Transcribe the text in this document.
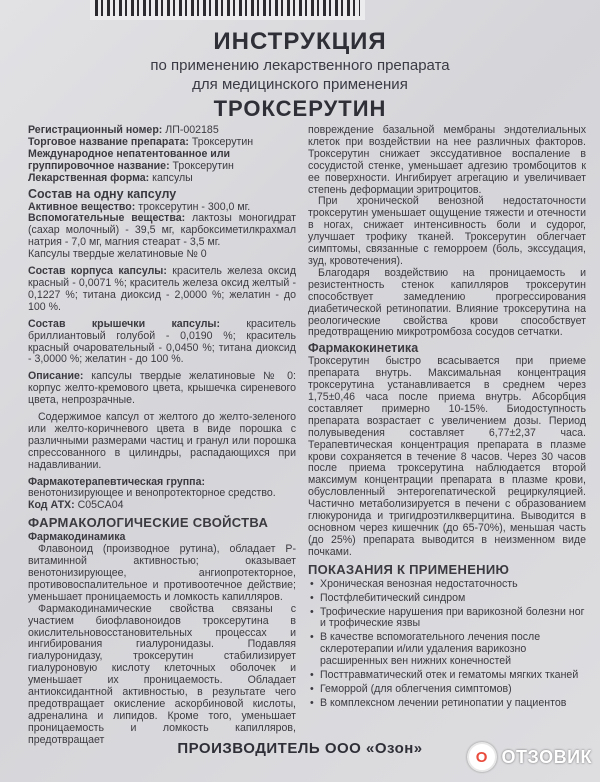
ИНСТРУКЦИЯ
по применению лекарственного препарата
для медицинского применения
ТРОКСЕРУТИН

Регистрационный номер: ЛП-002185

Торговое название препарата: Троксерутин

Международное непатентованное или группировочное название: Троксерутин

Лекарственная форма: капсулы

Состав на одну капсулу

Активное вещество: троксерутин - 300,0 мг.

Вспомогательные вещества: лактозы моногидрат (сахар молочный) - 39,5 мг, карбоксиметилкрахмал натрия - 7,0 мг, магния стеарат - 3,5 мг.

Капсулы твердые желатиновые № 0

Состав корпуса капсулы: краситель железа оксид красный - 0,0071 %; краситель железа оксид желтый - 0,1227 %; титана диоксид - 2,0000 %; желатин - до 100 %.

Состав крышечки капсулы: краситель бриллиантовый голубой - 0,0190 %; краситель красный очаровательный - 0,0450 %; титана диоксид - 3,0000 %; желатин - до 100 %.

Описание: капсулы твердые желатиновые № 0: корпус желто-кремового цвета, крышечка сиреневого цвета, непрозрачные.

Содержимое капсул от желтого до желто-зеленого или желто-коричневого цвета в виде порошка с различными размерами частиц и гранул или порошка спрессованного в цилиндры, распадающихся при надавливании.

Фармакотерапевтическая группа: венотонизирующее и венопротекторное средство.

Код АТХ: C05CA04

ФАРМАКОЛОГИЧЕСКИЕ СВОЙСТВА

Фармакодинамика

Флавоноид (производное рутина), обладает Р-витаминной активностью; оказывает венотонизирующее, ангиопротекторное, противовоспалительное и противоотечное действие; уменьшает проницаемость и ломкость капилляров.

Фармакодинамические свойства связаны с участием биофлавоноидов троксерутина в окислительновосстановительных процессах и ингибирования гиалуронидазы. Подавляя гиалуронидазу, троксерутин стабилизирует гиалуроновую кислоту клеточных оболочек и уменьшает их проницаемость. Обладает антиоксидантной активностью, в результате чего предотвращает окисление аскорбиновой кислоты, адреналина и липидов. Кроме того, уменьшает проницаемость и ломкость капилляров, предотвращает

повреждение базальной мембраны эндотелиальных клеток при воздействии на нее различных факторов. Троксерутин снижает экссудативное воспаление в сосудистой стенке, уменьшает адгезию тромбоцитов к ее поверхности. Ингибирует агрегацию и увеличивает степень деформации эритроцитов.

При хронической венозной недостаточности троксерутин уменьшает ощущение тяжести и отечности в ногах, снижает интенсивность боли и судорог, улучшает трофику тканей. Троксерутин облегчает симптомы, связанные с геморроем (боль, экссудация, зуд, кровотечения).

Благодаря воздействию на проницаемость и резистентность стенок капилляров троксерутин способствует замедлению прогрессирования диабетической ретинопатии. Влияние троксерутина на реологические свойства крови способствует предотвращению микротромбоза сосудов сетчатки.

Фармакокинетика

Троксерутин быстро всасывается при приеме препарата внутрь. Максимальная концентрация троксерутина устанавливается в среднем через 1,75±0,46 часа после приема внутрь. Абсорбция составляет примерно 10-15%. Биодоступность препарата возрастает с увеличением дозы. Период полувыведения составляет 6,77±2,37 часа. Терапевтическая концентрация препарата в плазме крови сохраняется в течение 8 часов. Через 30 часов после приема троксерутина наблюдается второй максимум концентрации препарата в плазме крови, обусловленный энтерогепатической рециркуляцией. Частично метаболизируется в печени с образованием глюкуронида и тригидроэтилкверцитина. Выводится в основном через кишечник (до 65-70%), меньшая часть (до 25%) препарата выводится в неизменном виде почками.

ПОКАЗАНИЯ К ПРИМЕНЕНИЮ
• Хроническая венозная недостаточность
• Постфлебитический синдром
• Трофические нарушения при варикозной болезни ног и трофические язвы
• В качестве вспомогательного лечения после склеротерапии и/или удаления варикозно расширенных вен нижних конечностей
• Посттравматический отек и гематомы мягких тканей
• Геморрой (для облегчения симптомов)
• В комплексном лечении ретинопатии у пациентов
ПРОИЗВОДИТЕЛЬ ООО «Озон»	О ОТЗОВИК
